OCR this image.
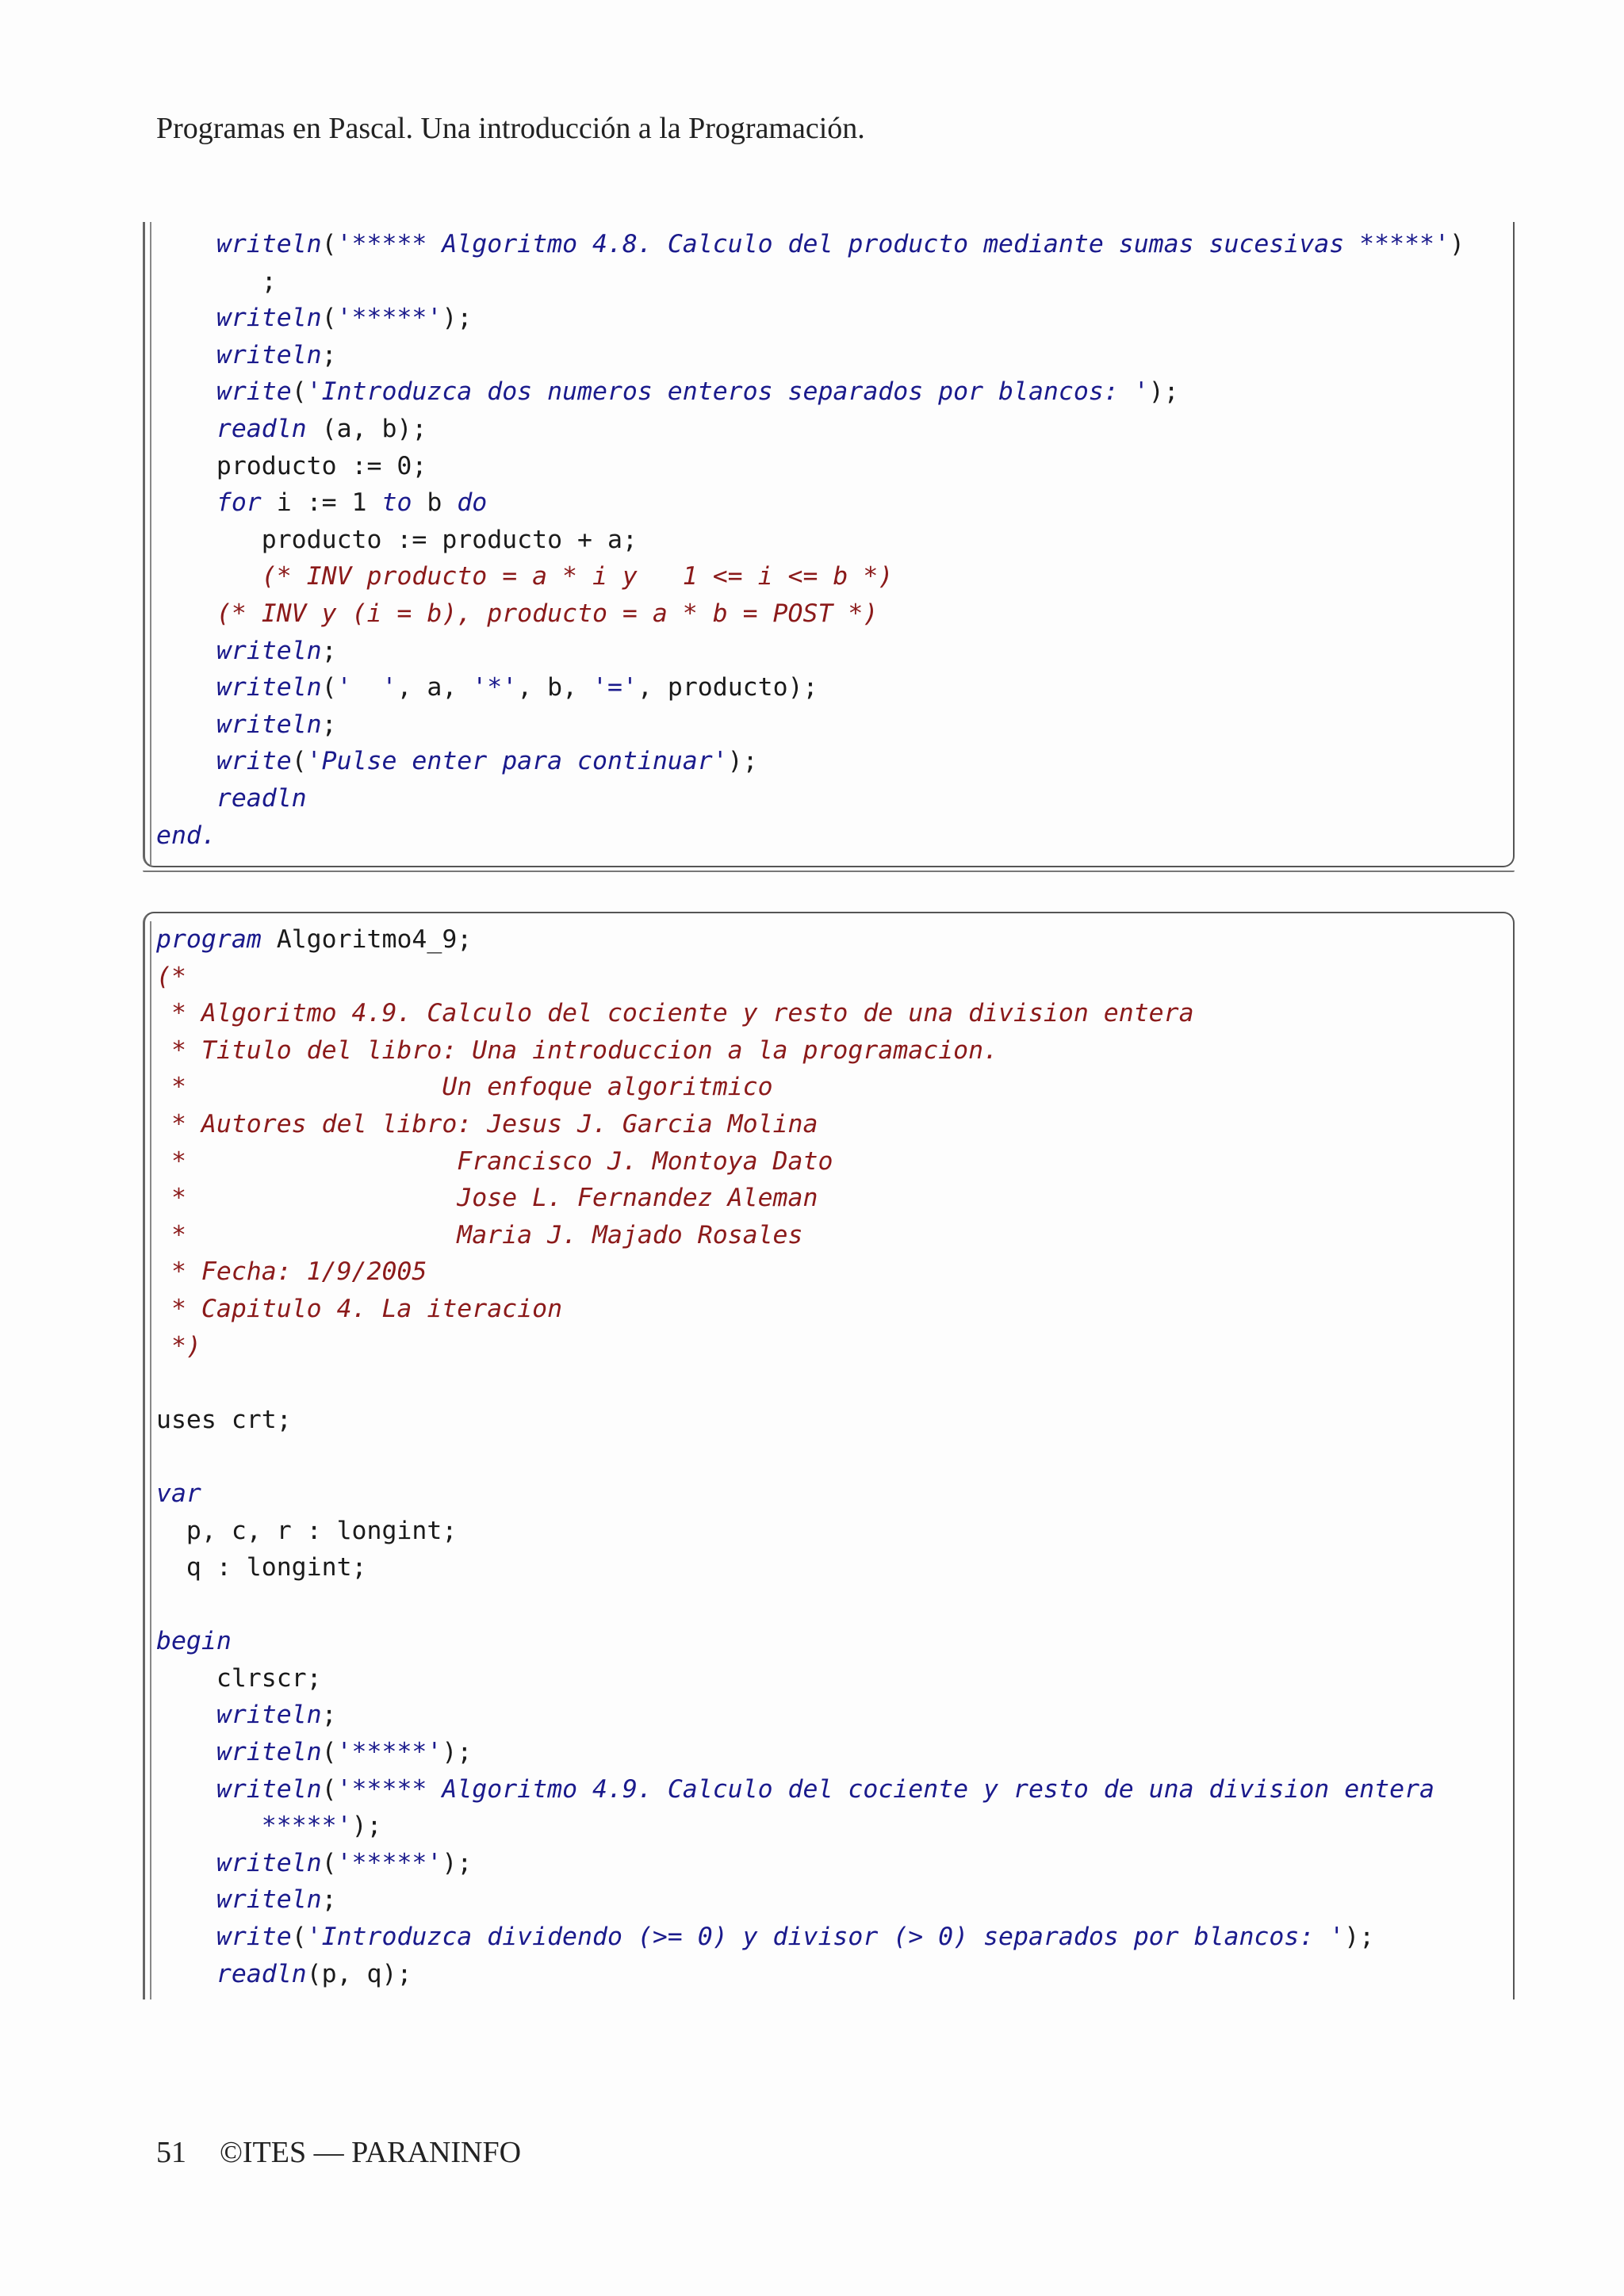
Programas en Pascal. Una introducción a la Programación.
writeln('***** Algoritmo 4.8. Calculo del producto mediante sumas sucesivas *****')
;
writeln('*****');
writeln;
write('Introduzca dos numeros enteros separados por blancos: ');
readln (a, b);
producto := 0;
for i := 1 to b do
producto := producto + a;
(* INV producto = a * i y   1 <= i <= b *)
(* INV y (i = b), producto = a * b = POST *)
writeln;
writeln('  ', a, '*', b, '=', producto);
writeln;
write('Pulse enter para continuar');
readln
end.
program Algoritmo4_9;
(*
* Algoritmo 4.9. Calculo del cociente y resto de una division entera
* Titulo del libro: Una introduccion a la programacion.
*                 Un enfoque algoritmico
* Autores del libro: Jesus J. Garcia Molina
*                  Francisco J. Montoya Dato
*                  Jose L. Fernandez Aleman
*                  Maria J. Majado Rosales
* Fecha: 1/9/2005
* Capitulo 4. La iteracion
*)
uses crt;
var
p, c, r : longint;
q : longint;
begin
clrscr;
writeln;
writeln('*****');
writeln('***** Algoritmo 4.9. Calculo del cociente y resto de una division entera
*****');
writeln('*****');
writeln;
write('Introduzca dividendo (>= 0) y divisor (> 0) separados por blancos: ');
readln(p, q);
51 ©ITES — PARANINFO
